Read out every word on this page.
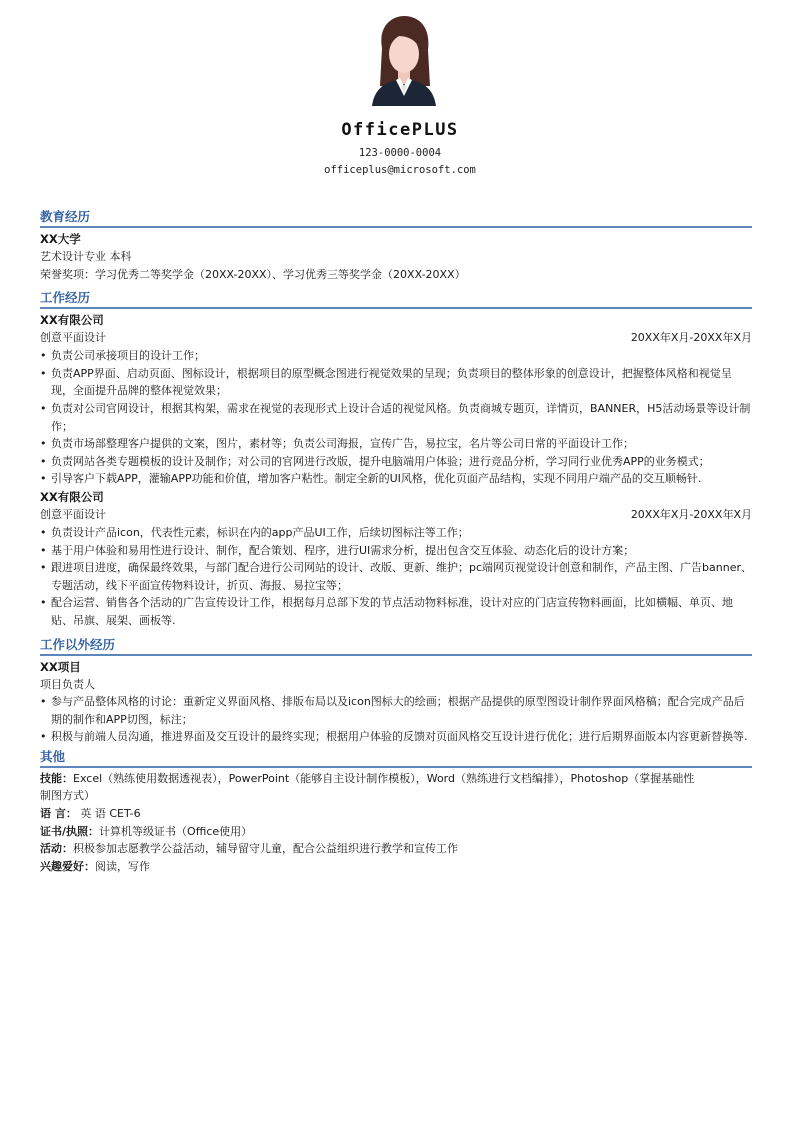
OfficePLUS
123-0000-0004
officeplus@microsoft.com
教育经历
XX大学
艺术设计专业 本科
荣誉奖项：学习优秀二等奖学金（20XX-20XX）、学习优秀三等奖学金（20XX-20XX）
工作经历
XX有限公司
创意平面设计	20XX年X月-20XX年X月
• 负责公司承接项目的设计工作；
• 负责APP界面、启动页面、图标设计，根据项目的原型概念图进行视觉效果的呈现；负责项目的整体形象的创意设计，把握整体风格和视觉呈现，全面提升品牌的整体视觉效果；
• 负责对公司官网设计，根据其构架，需求在视觉的表现形式上设计合适的视觉风格。负责商城专题页，详情页，BANNER，H5活动场景等设计制作；
• 负责市场部整理客户提供的文案，图片，素材等；负责公司海报，宣传广告，易拉宝，名片等公司日常的平面设计工作；
• 负责网站各类专题模板的设计及制作；对公司的官网进行改版，提升电脑端用户体验；进行竞品分析，学习同行业优秀APP的业务模式；
• 引导客户下载APP，灌输APP功能和价值，增加客户粘性。制定全新的UI风格，优化页面产品结构，实现不同用户端产品的交互顺畅针.
XX有限公司
创意平面设计	20XX年X月-20XX年X月
• 负责设计产品icon，代表性元素，标识在内的app产品UI工作，后续切图标注等工作；
• 基于用户体验和易用性进行设计、制作，配合策划、程序，进行UI需求分析，提出包含交互体验、动态化后的设计方案；
• 跟进项目进度，确保最终效果，与部门配合进行公司网站的设计、改版、更新、维护；pc端网页视觉设计创意和制作，产品主图、广告banner、专题活动，线下平面宣传物料设计，折页、海报、易拉宝等；
• 配合运营、销售各个活动的广告宣传设计工作，根据每月总部下发的节点活动物料标准，设计对应的门店宣传物料画面，比如横幅、单页、地贴、吊旗、展架、画板等.
工作以外经历
XX项目
项目负责人
• 参与产品整体风格的讨论：重新定义界面风格、排版布局以及icon图标大的绘画；根据产品提供的原型图设计制作界面风格稿；配合完成产品后期的制作和APP切图，标注；
• 积极与前端人员沟通，推进界面及交互设计的最终实现；根据用户体验的反馈对页面风格交互设计进行优化；进行后期界面版本内容更新替换等.
其他
技能：Excel（熟练使用数据透视表），PowerPoint（能够自主设计制作模板），Word（熟练进行文档编排），Photoshop（掌握基础性
制图方式）
语 言： 英 语 CET-6
证书/执照：计算机等级证书（Office使用）
活动：积极参加志愿教学公益活动，辅导留守儿童，配合公益组织进行教学和宣传工作
兴趣爱好：阅读，写作
